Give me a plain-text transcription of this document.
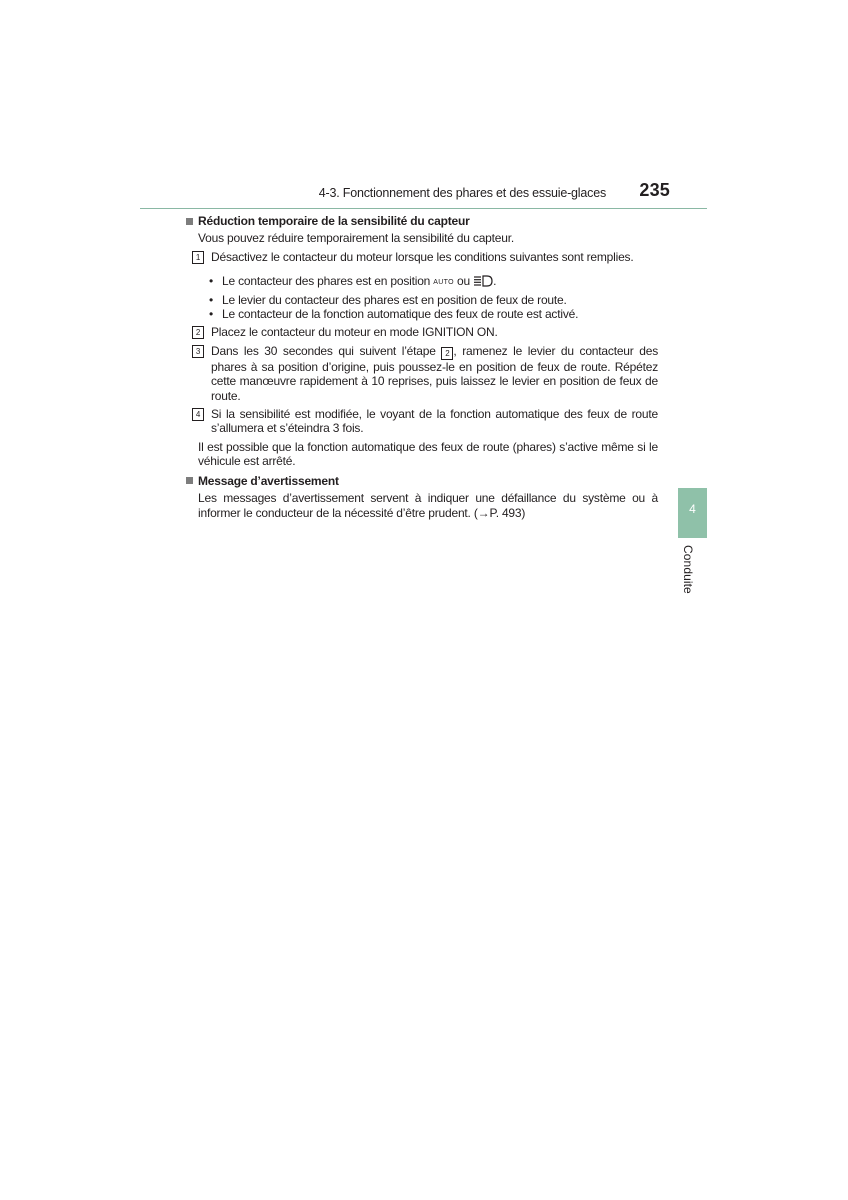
4-3. Fonctionnement des phares et des essuie-glaces 235
Réduction temporaire de la sensibilité du capteur
Vous pouvez réduire temporairement la sensibilité du capteur.
1 Désactivez le contacteur du moteur lorsque les conditions suivantes sont remplies.
• Le contacteur des phares est en position AUTO ou .
• Le levier du contacteur des phares est en position de feux de route.
• Le contacteur de la fonction automatique des feux de route est activé.
2 Placez le contacteur du moteur en mode IGNITION ON.
3 Dans les 30 secondes qui suivent l’étape 2 , ramenez le levier du contacteur des phares à sa position d’origine, puis poussez-le en position de feux de route. Répétez cette manœuvre rapidement à 10 reprises, puis laissez le levier en position de feux de route.
4 Si la sensibilité est modifiée, le voyant de la fonction automatique des feux de route s’allumera et s’éteindra 3 fois.
Il est possible que la fonction automatique des feux de route (phares) s’active même si le véhicule est arrêté.
Message d’avertissement
Les messages d’avertissement servent à indiquer une défaillance du système ou à informer le conducteur de la nécessité d’être prudent. (→P. 493)	4
Conduite
